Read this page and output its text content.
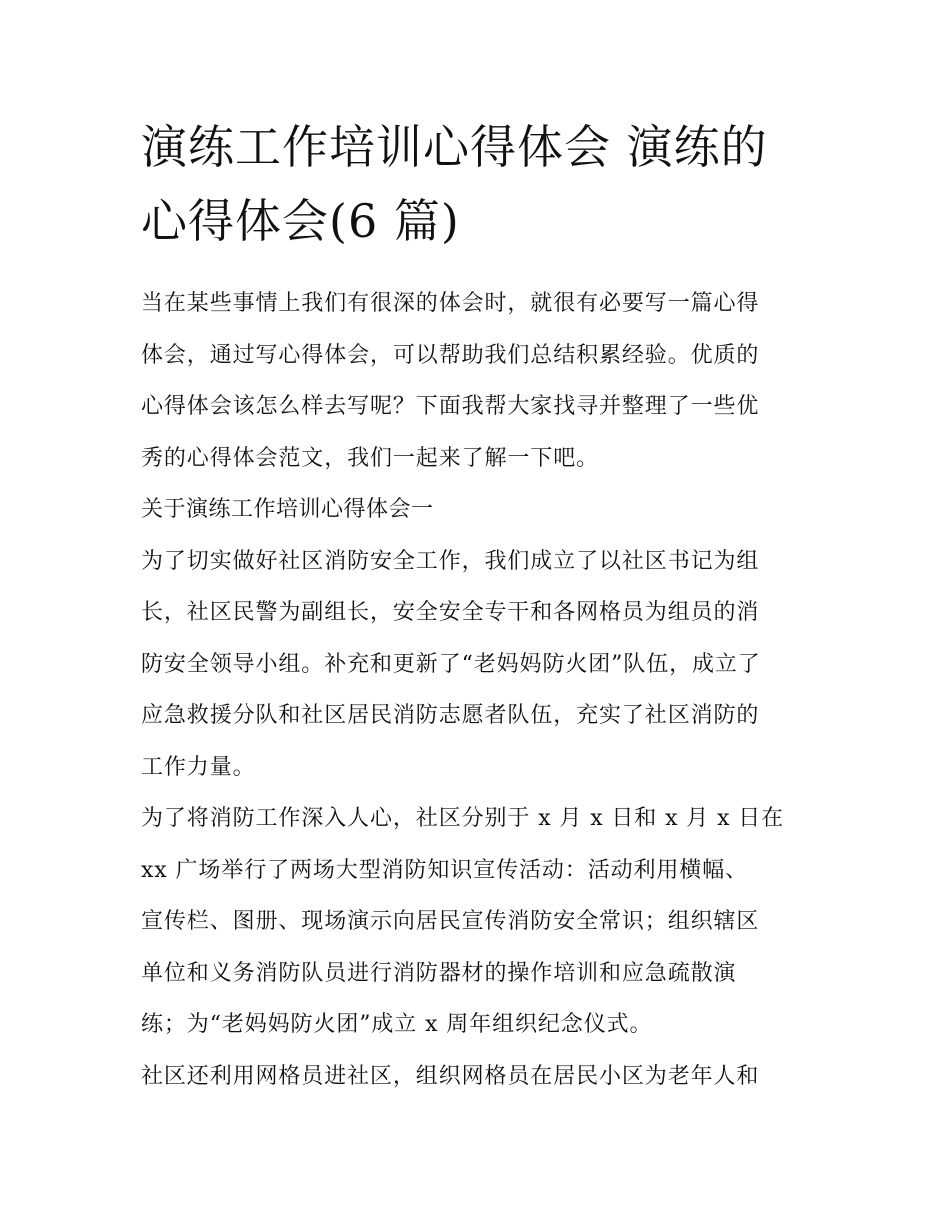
演练工作培训心得体会 演练的
心得体会(6 篇)

当在某些事情上我们有很深的体会时，就很有必要写一篇心得
体会，通过写心得体会，可以帮助我们总结积累经验。优质的
心得体会该怎么样去写呢？下面我帮大家找寻并整理了一些优
秀的心得体会范文，我们一起来了解一下吧。

关于演练工作培训心得体会一

为了切实做好社区消防安全工作，我们成立了以社区书记为组
长，社区民警为副组长，安全安全专干和各网格员为组员的消
防安全领导小组。补充和更新了“老妈妈防火团”队伍，成立了
应急救援分队和社区居民消防志愿者队伍，充实了社区消防的
工作力量。

为了将消防工作深入人心，社区分别于 x 月 x 日和 x 月 x 日在
xx 广场举行了两场大型消防知识宣传活动：活动利用横幅、
宣传栏、图册、现场演示向居民宣传消防安全常识；组织辖区
单位和义务消防队员进行消防器材的操作培训和应急疏散演
练；为“老妈妈防火团”成立 x 周年组织纪念仪式。

社区还利用网格员进社区，组织网格员在居民小区为老年人和
